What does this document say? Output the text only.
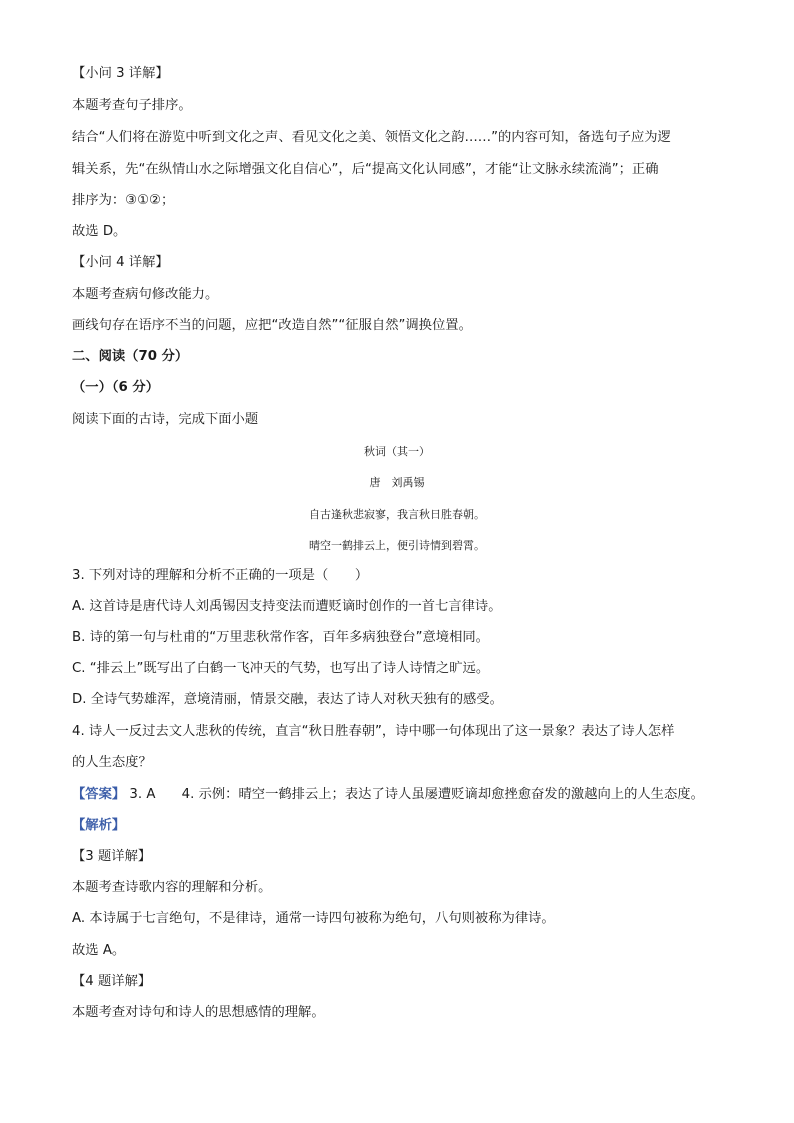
【小问 3 详解】
本题考查句子排序。
结合“人们将在游览中听到文化之声、看见文化之美、领悟文化之韵……”的内容可知，备选句子应为逻
辑关系，先“在纵情山水之际增强文化自信心”，后“提高文化认同感”，才能“让文脉永续流淌”；正确
排序为：③①②；
故选 D。
【小问 4 详解】
本题考查病句修改能力。
画线句存在语序不当的问题，应把“改造自然”“征服自然”调换位置。
二、阅读（70 分）
（一）（6 分）
阅读下面的古诗，完成下面小题
秋词（其一）
唐　刘禹锡
自古逢秋悲寂寥，我言秋日胜春朝。
晴空一鹤排云上，便引诗情到碧霄。
3. 下列对诗的理解和分析不正确的一项是（　　）
A. 这首诗是唐代诗人刘禹锡因支持变法而遭贬谪时创作的一首七言律诗。
B. 诗的第一句与杜甫的“万里悲秋常作客，百年多病独登台”意境相同。
C. “排云上”既写出了白鹤一飞冲天的气势，也写出了诗人诗情之旷远。
D. 全诗气势雄浑，意境清丽，情景交融，表达了诗人对秋天独有的感受。
4. 诗人一反过去文人悲秋的传统，直言“秋日胜春朝”，诗中哪一句体现出了这一景象？表达了诗人怎样
的人生态度？
【答案】 3. A 4. 示例：晴空一鹤排云上；表达了诗人虽屡遭贬谪却愈挫愈奋发的激越向上的人生态度。
【解析】
【3 题详解】
本题考查诗歌内容的理解和分析。
A. 本诗属于七言绝句，不是律诗，通常一诗四句被称为绝句，八句则被称为律诗。
故选 A。
【4 题详解】
本题考查对诗句和诗人的思想感情的理解。
